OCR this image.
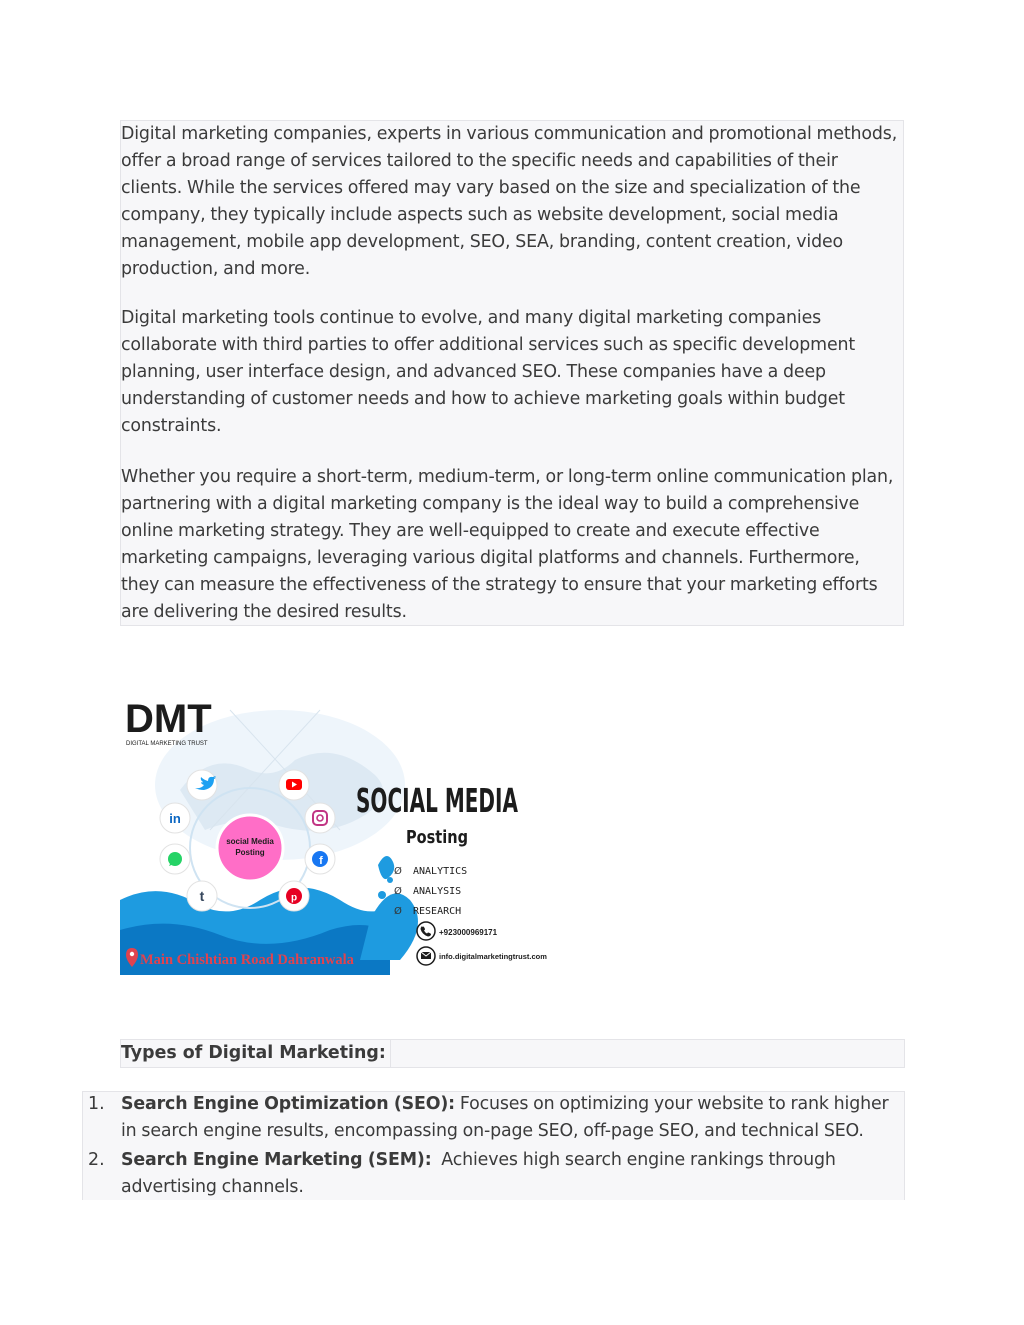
Digital marketing companies, experts in various communication and promotional methods, offer a broad range of services tailored to the specific needs and capabilities of their clients. While the services offered may vary based on the size and specialization of the company, they typically include aspects such as website development, social media management, mobile app development, SEO, SEA, branding, content creation, video production, and more.

Digital marketing tools continue to evolve, and many digital marketing companies collaborate with third parties to offer additional services such as specific development planning, user interface design, and advanced SEO. These companies have a deep understanding of customer needs and how to achieve marketing goals within budget constraints.

Whether you require a short-term, medium-term, or long-term online communication plan, partnering with a digital marketing company is the ideal way to build a comprehensive online marketing strategy. They are well-equipped to create and execute effective marketing campaigns, leveraging various digital platforms and channels. Furthermore, they can measure the effectiveness of the strategy to ensure that your marketing efforts are delivering the desired results.

DMT
DIGITAL MARKETING TRUST
social Media
Posting
in
f
t	p
SOCIAL MEDIA
Posting
Ø ANALYTICS
Ø ANALYSIS
Ø RESEARCH
+923000969171
info.digitalmarketingtrust.com
Main Chishtian Road Dahranwala
Types of Digital Marketing:
1. Search Engine Optimization (SEO): Focuses on optimizing your website to rank higher in search engine results, encompassing on-page SEO, off-page SEO, and technical SEO.
2. Search Engine Marketing (SEM): Achieves high search engine rankings through advertising channels.
